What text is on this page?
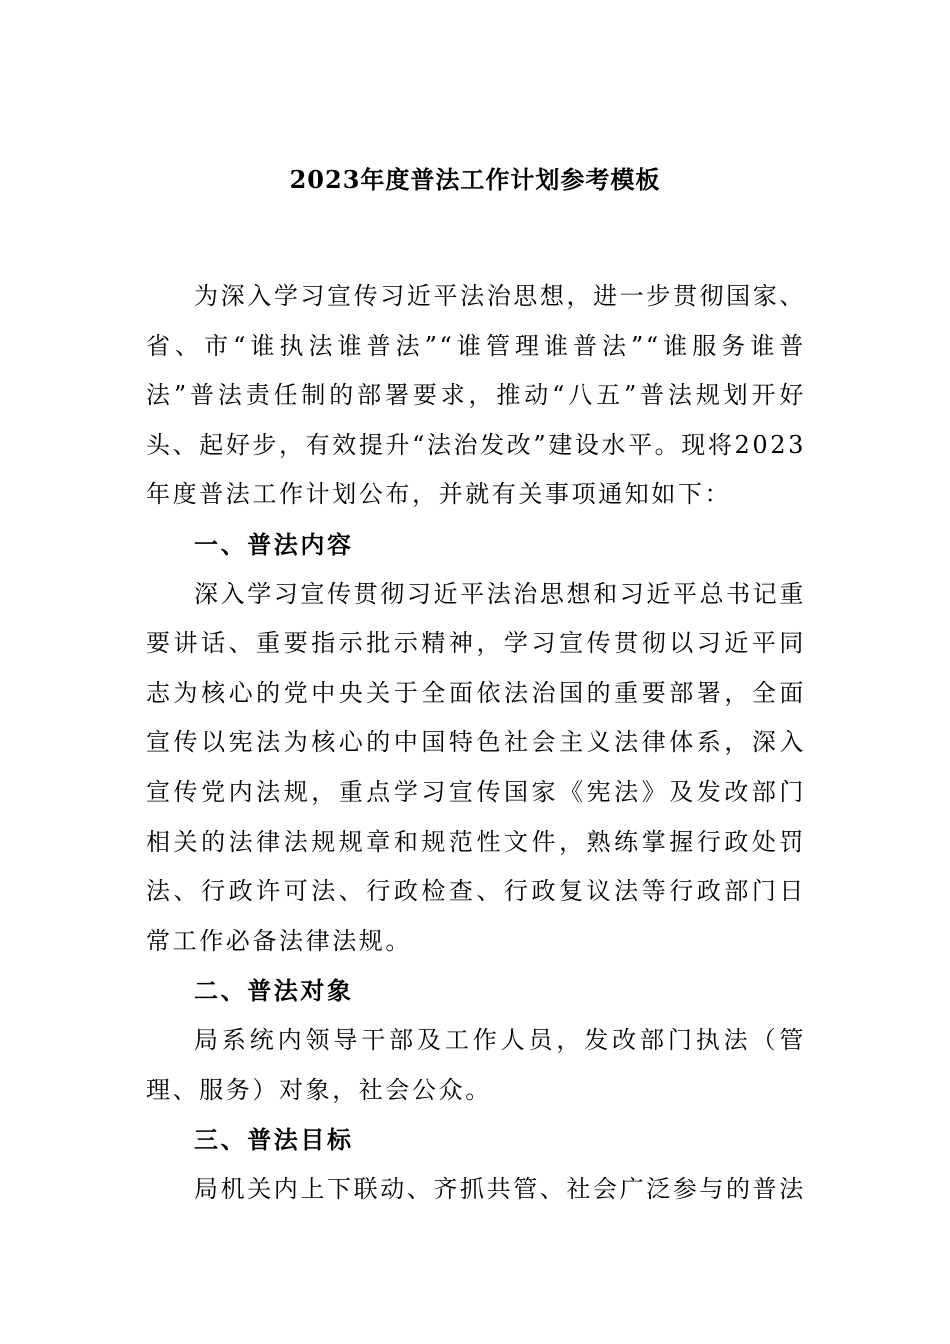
2023年度普法工作计划参考模板

为深入学习宣传习近平法治思想，进一步贯彻国家、省、市“谁执法谁普法”“谁管理谁普法”“谁服务谁普法”普法责任制的部署要求，推动“八五”普法规划开好头、起好步，有效提升“法治发改”建设水平。现将2023年度普法工作计划公布，并就有关事项通知如下：

一、普法内容

深入学习宣传贯彻习近平法治思想和习近平总书记重要讲话、重要指示批示精神，学习宣传贯彻以习近平同志为核心的党中央关于全面依法治国的重要部署，全面宣传以宪法为核心的中国特色社会主义法律体系，深入宣传党内法规，重点学习宣传国家《宪法》及发改部门相关的法律法规规章和规范性文件，熟练掌握行政处罚法、行政许可法、行政检查、行政复议法等行政部门日常工作必备法律法规。

二、普法对象

局系统内领导干部及工作人员，发改部门执法（管理、服务）对象，社会公众。

三、普法目标

局机关内上下联动、齐抓共管、社会广泛参与的普法
